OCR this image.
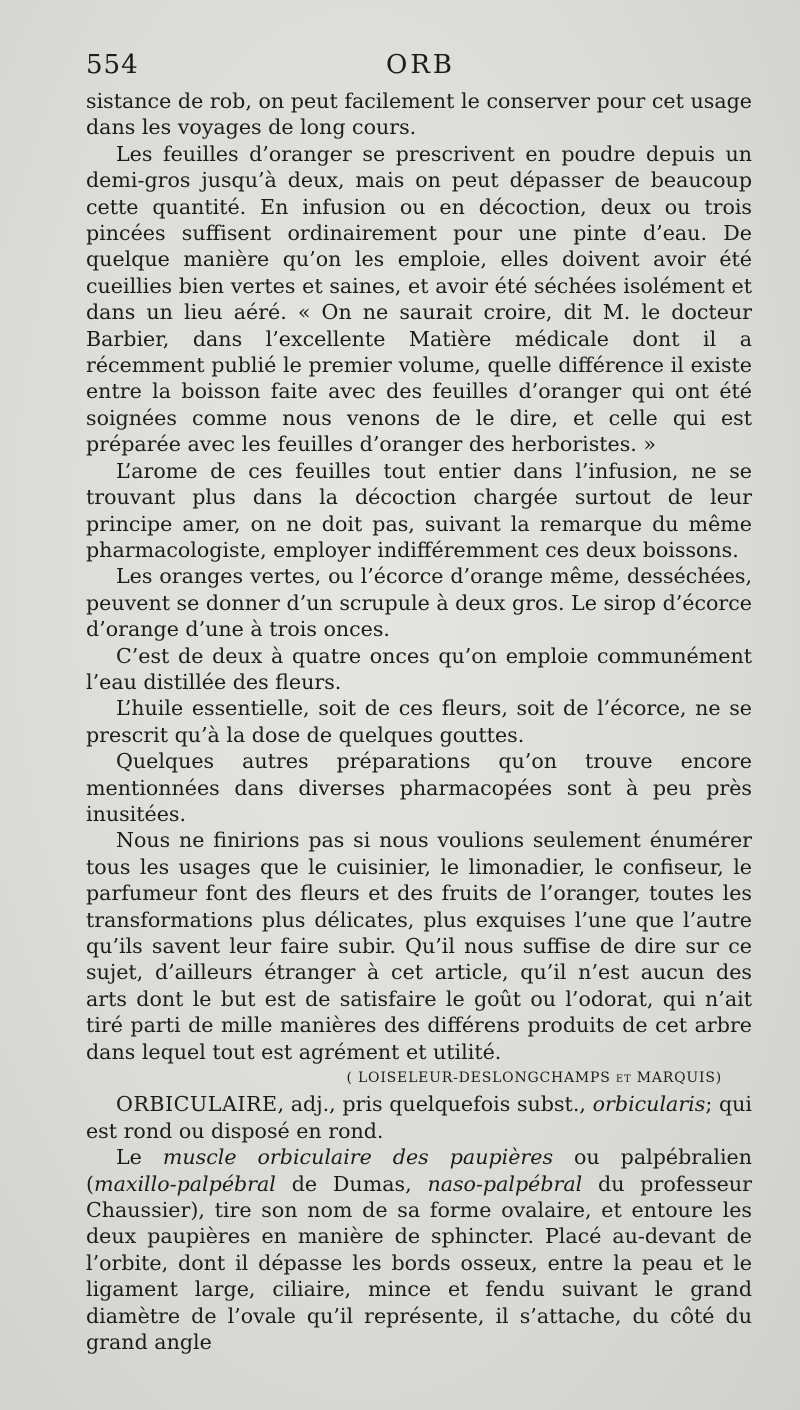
554	ORB

sistance de rob, on peut facilement le conserver pour cet usage dans les voyages de long cours.

Les feuilles d’oranger se prescrivent en poudre depuis un demi-gros jusqu’à deux, mais on peut dépasser de beaucoup cette quantité. En infusion ou en décoction, deux ou trois pincées suffisent ordinairement pour une pinte d’eau. De quelque manière qu’on les emploie, elles doivent avoir été cueillies bien vertes et saines, et avoir été séchées isolément et dans un lieu aéré. « On ne saurait croire, dit M. le docteur Barbier, dans l’excellente Matière médicale dont il a récemment publié le premier volume, quelle différence il existe entre la boisson faite avec des feuilles d’oranger qui ont été soignées comme nous venons de le dire, et celle qui est préparée avec les feuilles d’oranger des herboristes. »

L’arome de ces feuilles tout entier dans l’infusion, ne se trouvant plus dans la décoction chargée surtout de leur principe amer, on ne doit pas, suivant la remarque du même pharmacologiste, employer indifféremment ces deux boissons.

Les oranges vertes, ou l’écorce d’orange même, desséchées, peuvent se donner d’un scrupule à deux gros. Le sirop d’écorce d’orange d’une à trois onces.

C’est de deux à quatre onces qu’on emploie communément l’eau distillée des fleurs.

L’huile essentielle, soit de ces fleurs, soit de l’écorce, ne se prescrit qu’à la dose de quelques gouttes.

Quelques autres préparations qu’on trouve encore mentionnées dans diverses pharmacopées sont à peu près inusitées.

Nous ne finirions pas si nous voulions seulement énumérer tous les usages que le cuisinier, le limonadier, le confiseur, le parfumeur font des fleurs et des fruits de l’oranger, toutes les transformations plus délicates, plus exquises l’une que l’autre qu’ils savent leur faire subir. Qu’il nous suffise de dire sur ce sujet, d’ailleurs étranger à cet article, qu’il n’est aucun des arts dont le but est de satisfaire le goût ou l’odorat, qui n’ait tiré parti de mille manières des différens produits de cet arbre dans lequel tout est agrément et utilité.

( LOISELEUR-DESLONGCHAMPS et MARQUIS)

ORBICULAIRE, adj., pris quelquefois subst., orbicularis; qui est rond ou disposé en rond.

Le muscle orbiculaire des paupières ou palpébralien (maxillo-palpébral de Dumas, naso-palpébral du professeur Chaussier), tire son nom de sa forme ovalaire, et entoure les deux paupières en manière de sphincter. Placé au-devant de l’orbite, dont il dépasse les bords osseux, entre la peau et le ligament large, ciliaire, mince et fendu suivant le grand diamètre de l’ovale qu’il représente, il s’attache, du côté du grand angle
